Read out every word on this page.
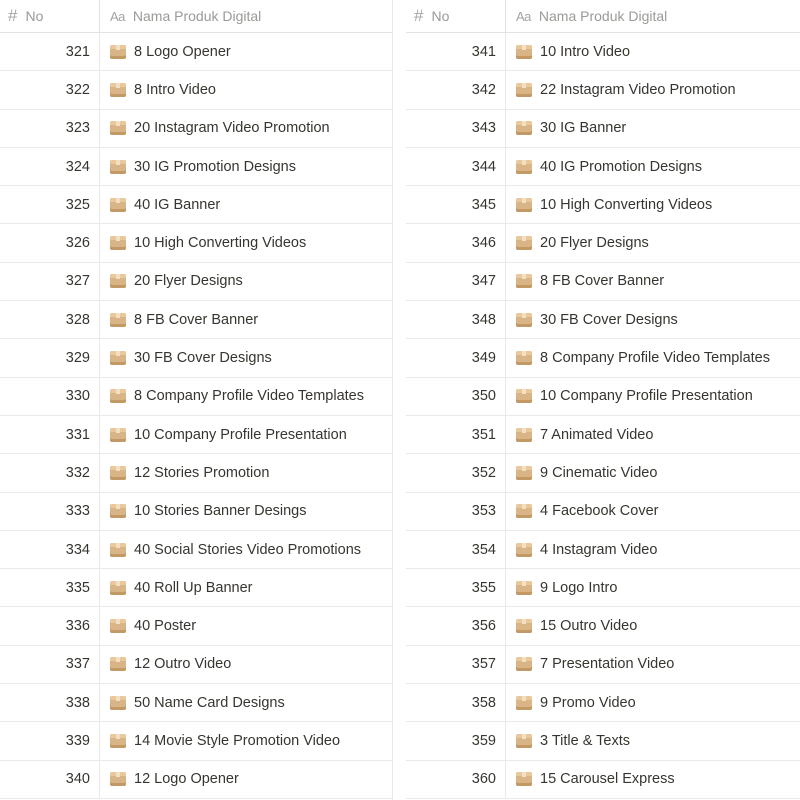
# No	Aa Nama Produk Digital
321	8 Logo Opener
322	8 Intro Video
323	20 Instagram Video Promotion
324	30 IG Promotion Designs
325	40 IG Banner
326	10 High Converting Videos
327	20 Flyer Designs
328	8 FB Cover Banner
329	30 FB Cover Designs
330	8 Company Profile Video Templates
331	10 Company Profile Presentation
332	12 Stories Promotion
333	10 Stories Banner Desings
334	40 Social Stories Video Promotions
335	40 Roll Up Banner
336	40 Poster
337	12 Outro Video
338	50 Name Card Designs
339	14 Movie Style Promotion Video
340	12 Logo Opener
# No	Aa Nama Produk Digital
341	10 Intro Video
342	22 Instagram Video Promotion
343	30 IG Banner
344	40 IG Promotion Designs
345	10 High Converting Videos
346	20 Flyer Designs
347	8 FB Cover Banner
348	30 FB Cover Designs
349	8 Company Profile Video Templates
350	10 Company Profile Presentation
351	7 Animated Video
352	9 Cinematic Video
353	4 Facebook Cover
354	4 Instagram Video
355	9 Logo Intro
356	15 Outro Video
357	7 Presentation Video
358	9 Promo Video
359	3 Title & Texts
360	15 Carousel Express
